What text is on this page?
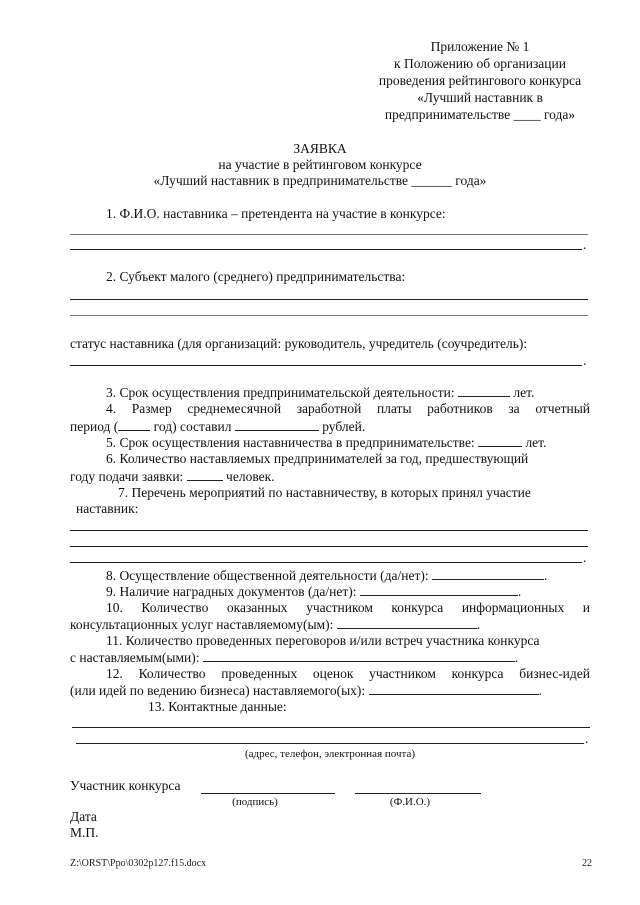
Приложение № 1
к Положению об организации
проведения рейтингового конкурса
«Лучший наставник в
предпринимательстве ____ года»
ЗАЯВКА
на участие в рейтинговом конкурсе
«Лучший наставник в предпринимательстве ______ года»
1. Ф.И.О. наставника – претендента на участие в конкурсе:
.
2. Субъект малого (среднего) предпринимательства:
статус наставника (для организаций: руководитель, учредитель (соучредитель):
.
3. Срок осуществления предпринимательской деятельности:	лет.
4. Размер среднемесячной заработной платы работников за отчетный
период (	год) составил	рублей.
5. Срок осуществления наставничества в предпринимательстве:	лет.
6. Количество наставляемых предпринимателей за год, предшествующий
году подачи заявки:	человек.
7. Перечень мероприятий по наставничеству, в которых принял участие
наставник:
.
8. Осуществление общественной деятельности (да/нет):	.
9. Наличие наградных документов (да/нет):	.
10. Количество оказанных участником конкурса информационных и
консультационных услуг наставляемому(ым):	.
11. Количество проведенных переговоров и/или встреч участника конкурса
с наставляемым(ыми):	.
12. Количество проведенных оценок участником конкурса бизнес-идей
(или идей по ведению бизнеса) наставляемого(ых):	.
13. Контактные данные:
.
(адрес, телефон, электронная почта)
Участник конкурса
(подпись)	(Ф.И.О.)
Дата
М.П.
Z:\ORST\Ppo\0302p127.f15.docx	22
